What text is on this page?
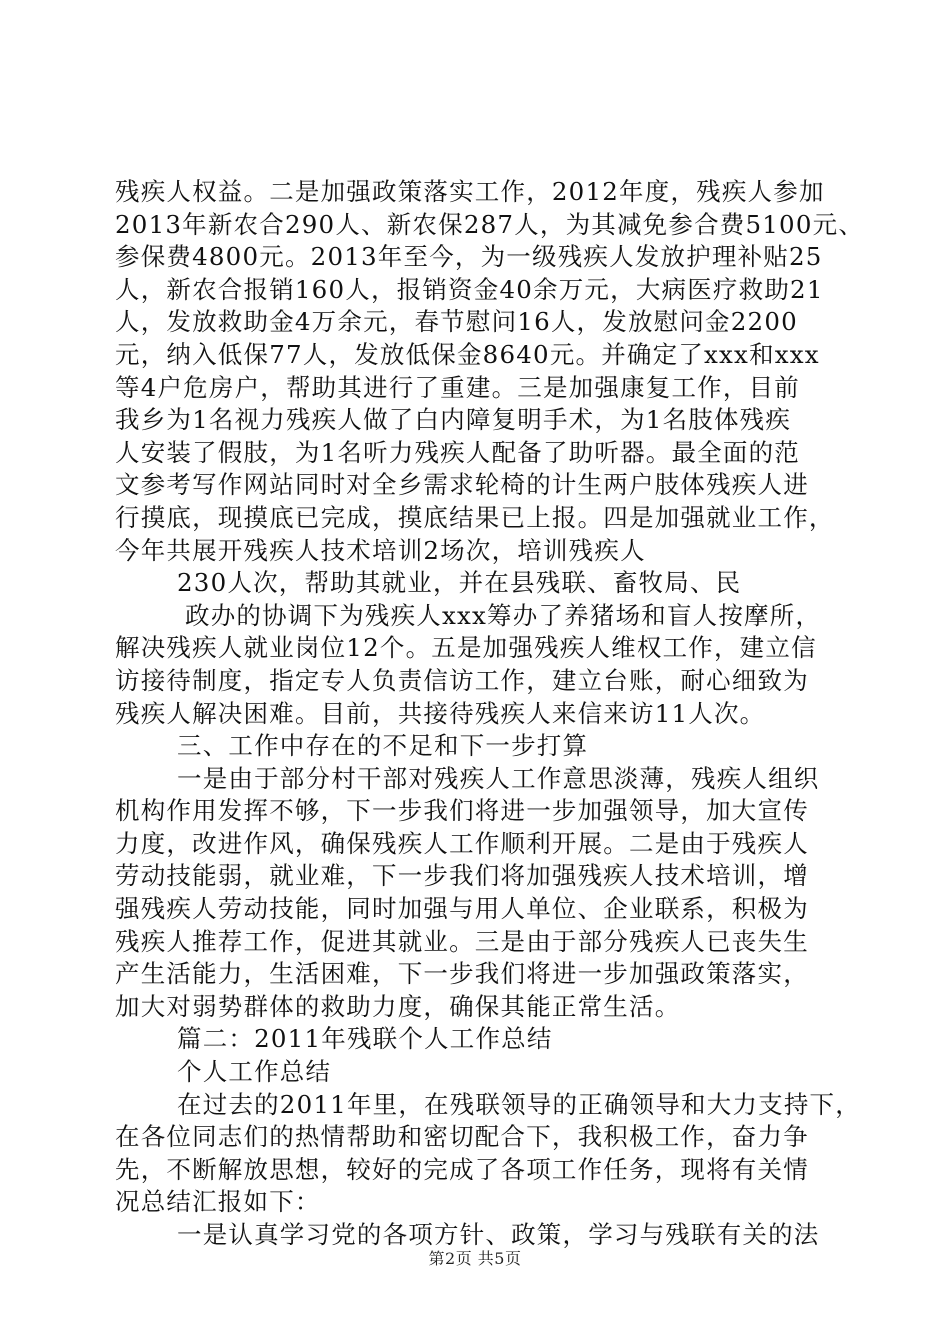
残疾人权益。二是加强政策落实工作，2012年度，残疾人参加
2013年新农合290人、新农保287人，为其减免参合费5100元、
参保费4800元。2013年至今，为一级残疾人发放护理补贴25
人，新农合报销160人，报销资金40余万元，大病医疗救助21
人，发放救助金4万余元，春节慰问16人，发放慰问金2200
元，纳入低保77人，发放低保金8640元。并确定了xxx和xxx
等4户危房户，帮助其进行了重建。三是加强康复工作，目前
我乡为1名视力残疾人做了白内障复明手术，为1名肢体残疾
人安装了假肢，为1名听力残疾人配备了助听器。最全面的范
文参考写作网站同时对全乡需求轮椅的计生两户肢体残疾人进
行摸底，现摸底已完成，摸底结果已上报。四是加强就业工作，
今年共展开残疾人技术培训2场次，培训残疾人
230人次，帮助其就业，并在县残联、畜牧局、民
政办的协调下为残疾人xxx筹办了养猪场和盲人按摩所，
解决残疾人就业岗位12个。五是加强残疾人维权工作，建立信
访接待制度，指定专人负责信访工作，建立台账，耐心细致为
残疾人解决困难。目前，共接待残疾人来信来访11人次。
三、工作中存在的不足和下一步打算
一是由于部分村干部对残疾人工作意思淡薄，残疾人组织
机构作用发挥不够，下一步我们将进一步加强领导，加大宣传
力度，改进作风，确保残疾人工作顺利开展。二是由于残疾人
劳动技能弱，就业难，下一步我们将加强残疾人技术培训，增
强残疾人劳动技能，同时加强与用人单位、企业联系，积极为
残疾人推荐工作，促进其就业。三是由于部分残疾人已丧失生
产生活能力，生活困难，下一步我们将进一步加强政策落实，
加大对弱势群体的救助力度，确保其能正常生活。
篇二：2011年残联个人工作总结
个人工作总结
在过去的2011年里，在残联领导的正确领导和大力支持下，
在各位同志们的热情帮助和密切配合下，我积极工作，奋力争
先，不断解放思想，较好的完成了各项工作任务，现将有关情
况总结汇报如下：
一是认真学习党的各项方针、政策，学习与残联有关的法
第2页 共5页
